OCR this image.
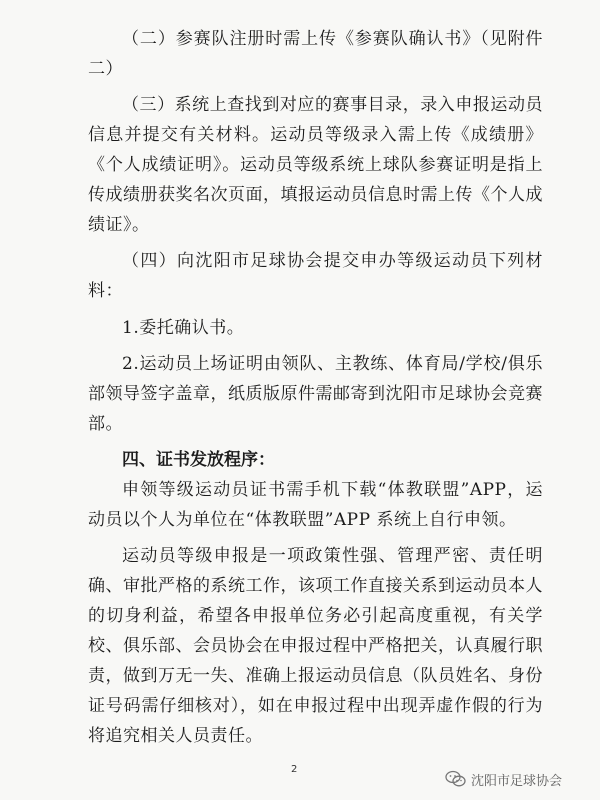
（二）参赛队注册时需上传《参赛队确认书》（见附件二）

（三）系统上查找到对应的赛事目录，录入申报运动员信息并提交有关材料。运动员等级录入需上传《成绩册》《个人成绩证明》。运动员等级系统上球队参赛证明是指上传成绩册获奖名次页面，填报运动员信息时需上传《个人成绩证》。

（四）向沈阳市足球协会提交申办等级运动员下列材料：

1.委托确认书。

2.运动员上场证明由领队、主教练、体育局/学校/俱乐部领导签字盖章，纸质版原件需邮寄到沈阳市足球协会竞赛部。

四、证书发放程序：

申领等级运动员证书需手机下载“体教联盟”APP，运动员以个人为单位在“体教联盟”APP 系统上自行申领。

运动员等级申报是一项政策性强、管理严密、责任明确、审批严格的系统工作，该项工作直接关系到运动员本人的切身利益，希望各申报单位务必引起高度重视，有关学校、俱乐部、会员协会在申报过程中严格把关，认真履行职责，做到万无一失、准确上报运动员信息（队员姓名、身份证号码需仔细核对），如在申报过程中出现弄虚作假的行为将追究相关人员责任。

2
沈阳市足球协会
